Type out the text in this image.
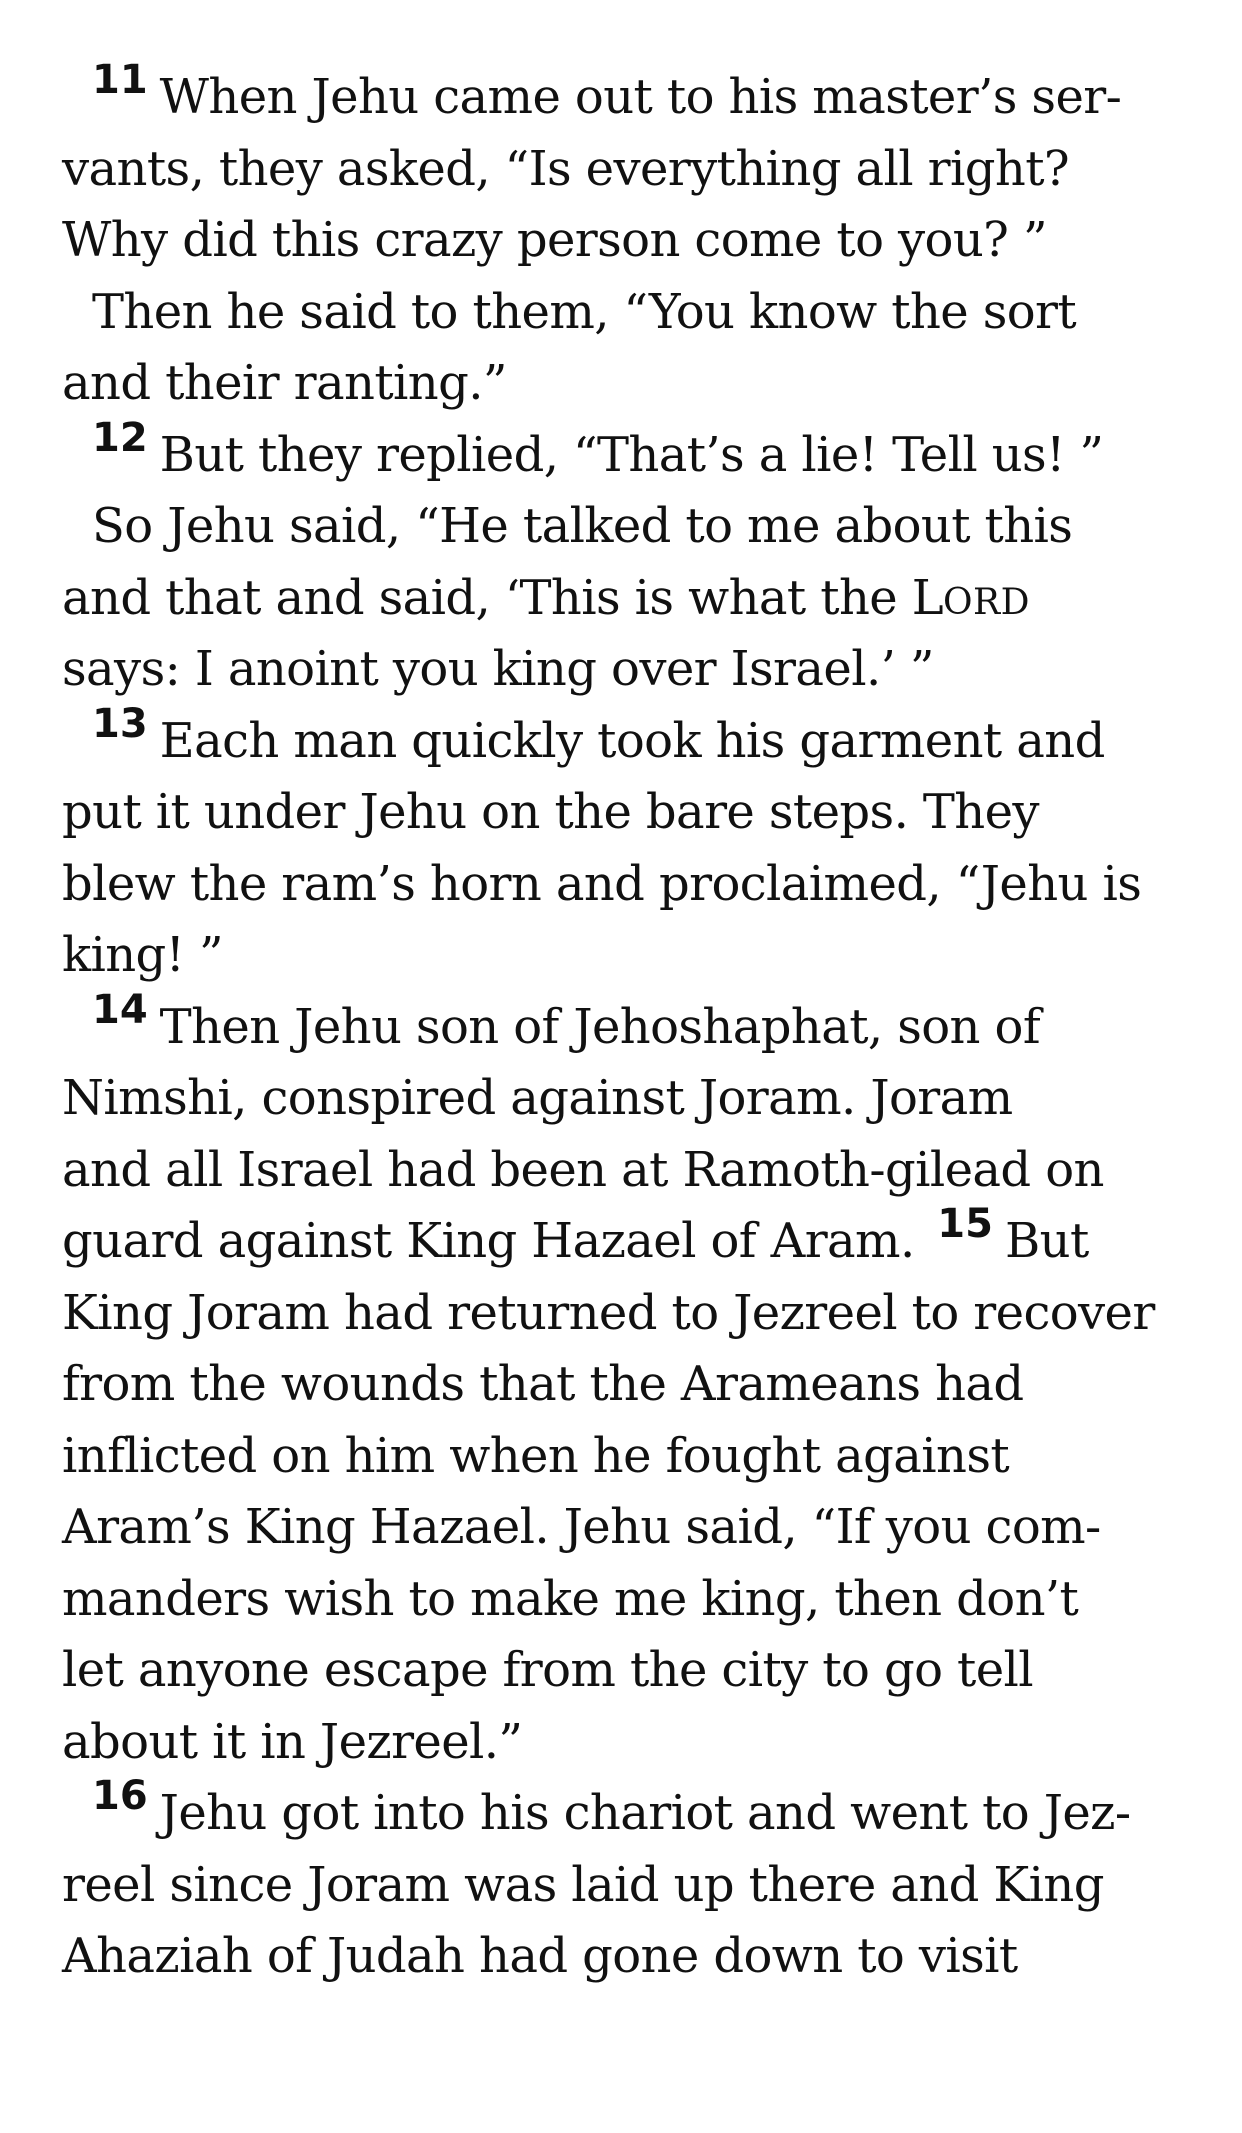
$^{11}$ When Jehu came out to his master’s ser-
vants, they asked, “Is everything all right?
Why did this crazy person come to you? ”
Then he said to them, “You know the sort
and their ranting.”
$^{12}$ But they replied, “That’s a lie! Tell us! ”
So Jehu said, “He talked to me about this
and that and said, ‘This is what the LORD
says: I anoint you king over Israel.’ ”
$^{13}$ Each man quickly took his garment and
put it under Jehu on the bare steps. They
blew the ram’s horn and proclaimed, “Jehu is
king! ”
$^{14}$ Then Jehu son of Jehoshaphat, son of
Nimshi, conspired against Joram. Joram
and all Israel had been at Ramoth-gilead on
guard against King Hazael of Aram. $^{15}$ But
King Joram had returned to Jezreel to recover
from the wounds that the Arameans had
inflicted on him when he fought against
Aram’s King Hazael. Jehu said, “If you com-
manders wish to make me king, then don’t
let anyone escape from the city to go tell
about it in Jezreel.”
$^{16}$ Jehu got into his chariot and went to Jez-
reel since Joram was laid up there and King
Ahaziah of Judah had gone down to visit
